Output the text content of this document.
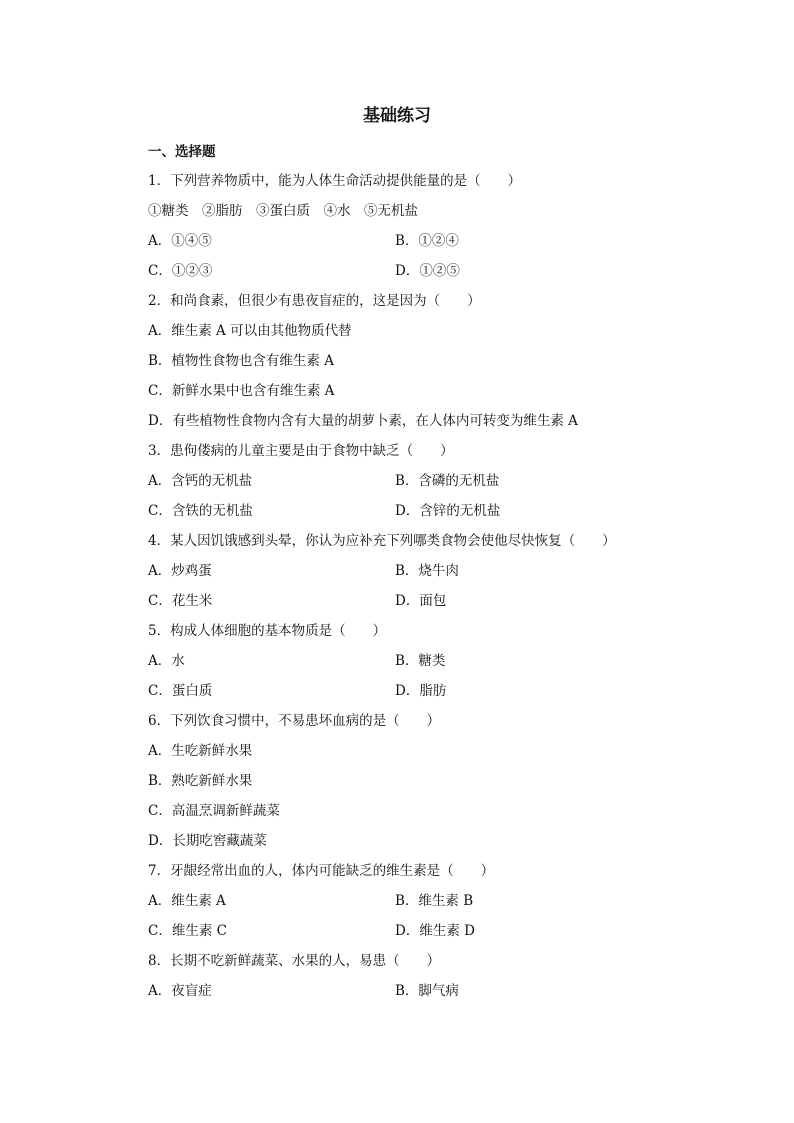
基础练习
一、选择题
1．下列营养物质中，能为人体生命活动提供能量的是（　　）
①糖类　②脂肪　③蛋白质　④水　⑤无机盐
A．①④⑤	B．①②④
C．①②③	D．①②⑤
2．和尚食素，但很少有患夜盲症的，这是因为（　　）
A．维生素 A 可以由其他物质代替
B．植物性食物也含有维生素 A
C．新鲜水果中也含有维生素 A
D．有些植物性食物内含有大量的胡萝卜素，在人体内可转变为维生素 A
3．患佝偻病的儿童主要是由于食物中缺乏（　　）
A．含钙的无机盐	B．含磷的无机盐
C．含铁的无机盐	D．含锌的无机盐
4．某人因饥饿感到头晕，你认为应补充下列哪类食物会使他尽快恢复（　　）
A．炒鸡蛋	B．烧牛肉
C．花生米	D．面包
5．构成人体细胞的基本物质是（　　）
A．水	B．糖类
C．蛋白质	D．脂肪
6．下列饮食习惯中，不易患坏血病的是（　　）
A．生吃新鲜水果
B．熟吃新鲜水果
C．高温烹调新鲜蔬菜
D．长期吃窖藏蔬菜
7．牙龈经常出血的人，体内可能缺乏的维生素是（　　）
A．维生素 A	B．维生素 B
C．维生素 C	D．维生素 D
8．长期不吃新鲜蔬菜、水果的人，易患（　　）
A．夜盲症	B．脚气病
